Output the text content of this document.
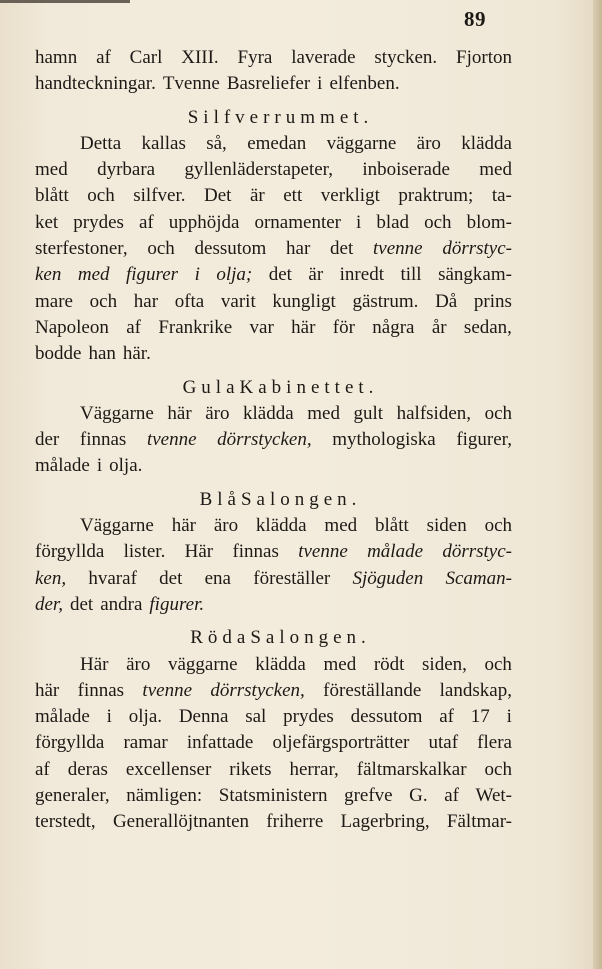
89
hamn af Carl XIII. Fyra laverade stycken. Fjorton
handteckningar. Tvenne Basreliefer i elfenben.
Silfverrummet.
Detta kallas så, emedan väggarne äro klädda
med dyrbara gyllenläderstapeter, inboiserade med
blått och silfver. Det är ett verkligt praktrum; ta-
ket prydes af upphöjda ornamenter i blad och blom-
sterfestoner, och dessutom har det tvenne dörrstyc-
ken med figurer i olja; det är inredt till sängkam-
mare och har ofta varit kungligt gästrum. Då prins
Napoleon af Frankrike var här för några år sedan,
bodde han här.
Gula Kabinettet.
Väggarne här äro klädda med gult halfsiden, och
der finnas tvenne dörrstycken, mythologiska figurer,
målade i olja.
Blå Salongen.
Väggarne här äro klädda med blått siden och
förgyllda lister. Här finnas tvenne målade dörrstyc-
ken, hvaraf det ena föreställer Sjöguden Scaman-
der, det andra figurer.
Röda Salongen.
Här äro väggarne klädda med rödt siden, och
här finnas tvenne dörrstycken, föreställande landskap,
målade i olja. Denna sal prydes dessutom af 17 i
förgyllda ramar infattade oljefärgsporträtter utaf flera
af deras excellenser rikets herrar, fältmarskalkar och
generaler, nämligen: Statsministern grefve G. af Wet-
terstedt, Generallöjtnanten friherre Lagerbring, Fältmar-
